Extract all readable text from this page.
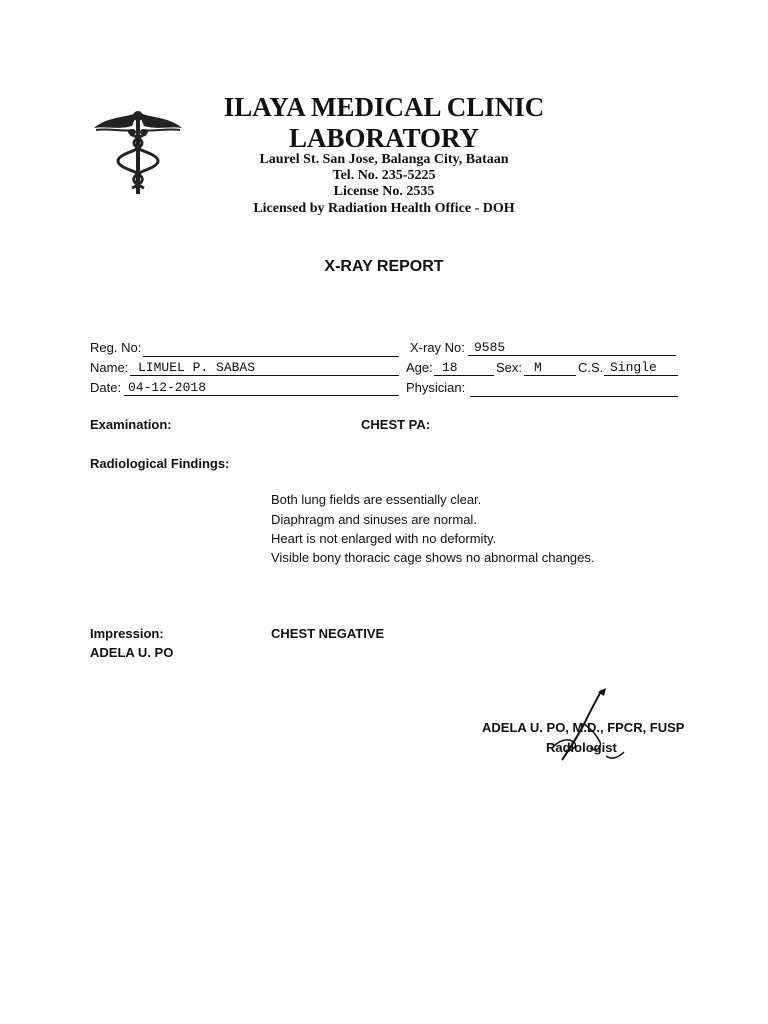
ILAYA MEDICAL CLINIC
LABORATORY
Laurel St. San Jose, Balanga City, Bataan
Tel. No. 235-5225
License No. 2535
Licensed by Radiation Health Office - DOH
X-RAY REPORT
Reg. No:	X-ray No: 9585
Name: LIMUEL P. SABAS	Age: 18	Sex: M	C.S. Single
Date: 04-12-2018	Physician:
Examination:	CHEST PA:
Radiological Findings:
Both lung fields are essentially clear.
Diaphragm and sinuses are normal.
Heart is not enlarged with no deformity.
Visible bony thoracic cage shows no abnormal changes.
Impression:	CHEST NEGATIVE
ADELA U. PO
ADELA U. PO, M.D., FPCR, FUSP
Radiologist
